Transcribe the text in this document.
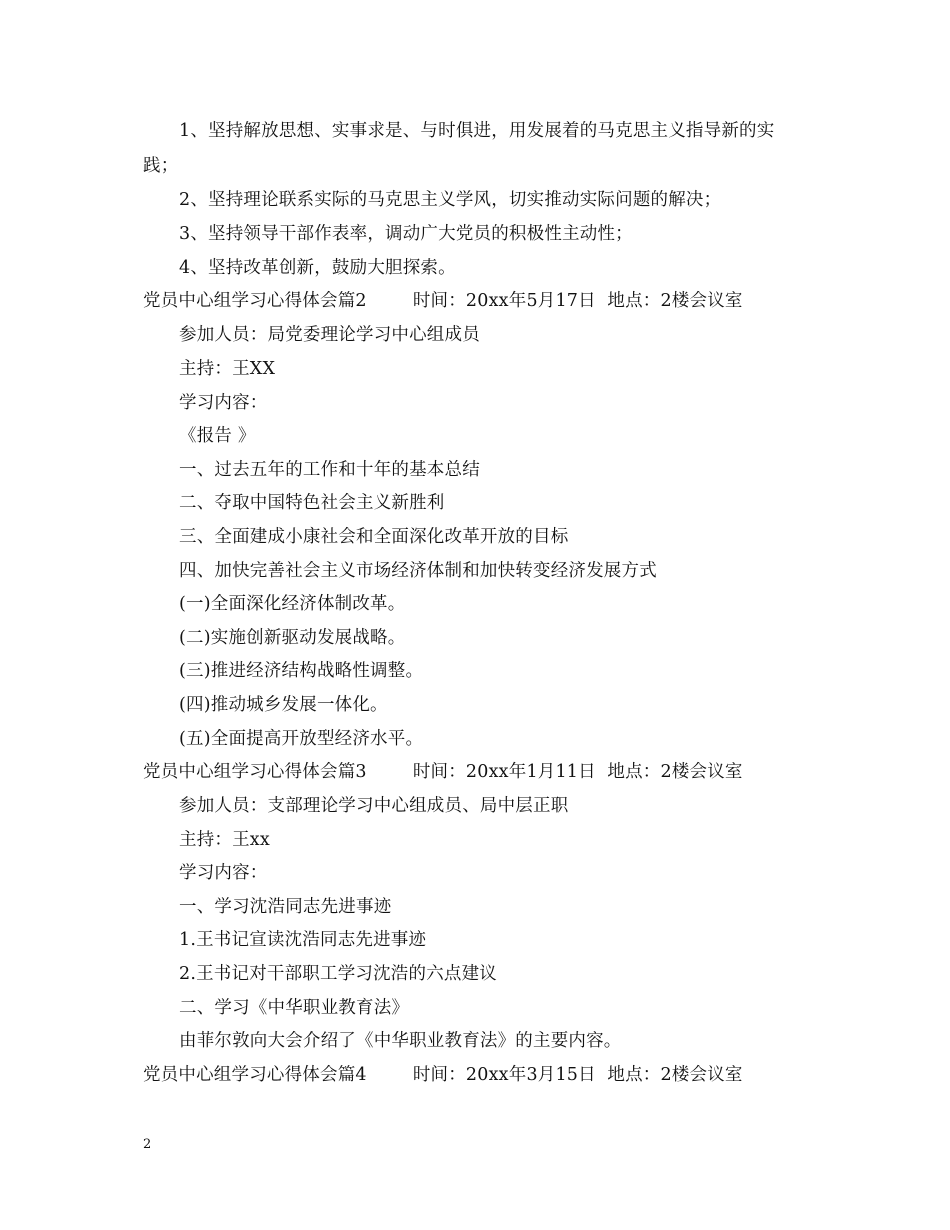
1、坚持解放思想、实事求是、与时俱进，用发展着的马克思主义指导新的实
践；
2、坚持理论联系实际的马克思主义学风，切实推动实际问题的解决；
3、坚持领导干部作表率，调动广大党员的积极性主动性；
4、坚持改革创新，鼓励大胆探索。
党员中心组学习心得体会篇2        时间：20xx年5月17日  地点：2楼会议室
参加人员：局党委理论学习中心组成员
主持：王XX
学习内容：
《报告 》
一、过去五年的工作和十年的基本总结
二、夺取中国特色社会主义新胜利
三、全面建成小康社会和全面深化改革开放的目标
四、加快完善社会主义市场经济体制和加快转变经济发展方式
(一)全面深化经济体制改革。
(二)实施创新驱动发展战略。
(三)推进经济结构战略性调整。
(四)推动城乡发展一体化。
(五)全面提高开放型经济水平。
党员中心组学习心得体会篇3        时间：20xx年1月11日  地点：2楼会议室
参加人员：支部理论学习中心组成员、局中层正职
主持：王xx
学习内容：
一、学习沈浩同志先进事迹
1.王书记宣读沈浩同志先进事迹
2.王书记对干部职工学习沈浩的六点建议
二、学习《中华职业教育法》
由菲尔敦向大会介绍了《中华职业教育法》的主要内容。
党员中心组学习心得体会篇4        时间：20xx年3月15日  地点：2楼会议室
2
